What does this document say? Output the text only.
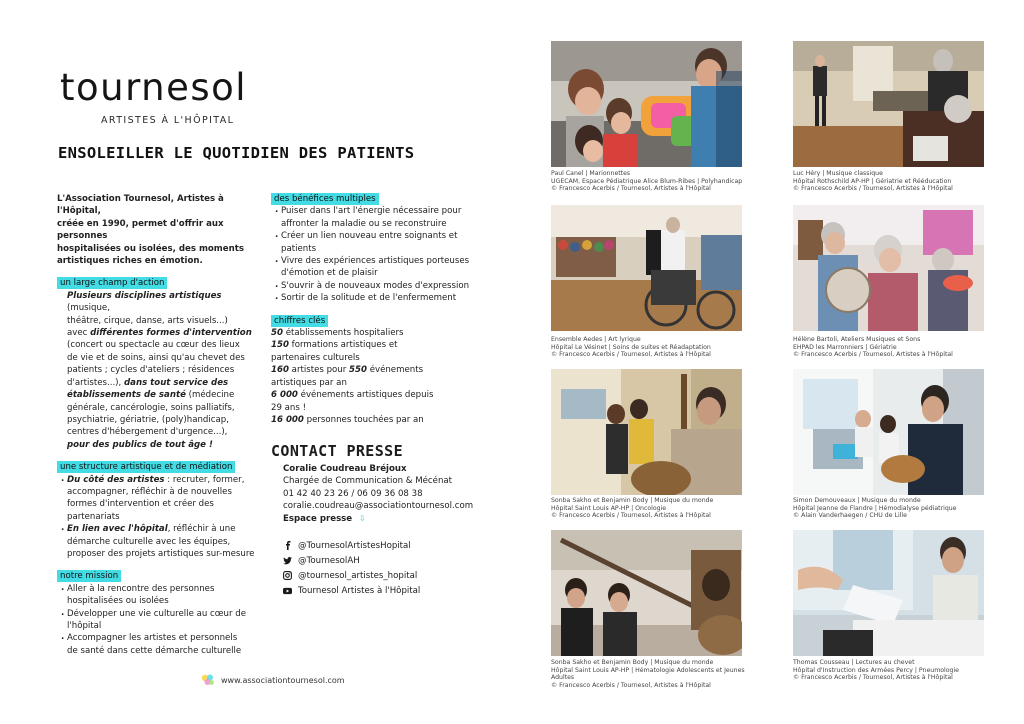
tournesol
ARTISTES À L'HÔPITAL
ENSOLEILLER LE QUOTIDIEN DES PATIENTS
L'Association Tournesol, Artistes à l'Hôpital,
créée en 1990, permet d'offrir aux personnes
hospitalisées ou isolées, des moments
artistiques riches en émotion.
un large champ d'action
Plusieurs disciplines artistiques (musique,
théâtre, cirque, danse, arts visuels...)
avec différentes formes d'intervention
(concert ou spectacle au cœur des lieux
de vie et de soins, ainsi qu'au chevet des
patients ; cycles d'ateliers ; résidences
d'artistes...), dans tout service des
établissements de santé (médecine
générale, cancérologie, soins palliatifs,
psychiatrie, gériatrie, (poly)handicap,
centres d'hébergement d'urgence...),
pour des publics de tout âge !
une structure artistique et de médiation
. Du côté des artistes : recruter, former,
accompagner, réfléchir à de nouvelles
formes d'intervention et créer des
partenariats
. En lien avec l'hôpital, réfléchir à une
démarche culturelle avec les équipes,
proposer des projets artistiques sur-mesure
notre mission
. Aller à la rencontre des personnes
hospitalisées ou isolées
. Développer une vie culturelle au cœur de
l'hôpital
. Accompagner les artistes et personnels
de santé dans cette démarche culturelle
des bénéfices multiples
. Puiser dans l'art l'énergie nécessaire pour
affronter la maladie ou se reconstruire
. Créer un lien nouveau entre soignants et
patients
. Vivre des expériences artistiques porteuses
d'émotion et de plaisir
. S'ouvrir à de nouveaux modes d'expression
. Sortir de la solitude et de l'enfermement
chiffres clés
50 établissements hospitaliers
150 formations artistiques et
partenaires culturels
160 artistes pour 550 événements
artistiques par an
6 000 événements artistiques depuis
29 ans !
16 000 personnes touchées par an
CONTACT PRESSE
Coralie Coudreau Bréjoux
Chargée de Communication & Mécénat
01 42 40 23 26 / 06 09 36 08 38
coralie.coudreau@associationtournesol.com
Espace presse ⇩
@TournesolArtistesHopital
@TournesolAH
@tournesol_artistes_hopital
Tournesol Artistes à l'Hôpital
www.associationtournesol.com
Paul Canel | Marionnettes
UGECAM, Espace Pédiatrique Alice Blum-Ribes | Polyhandicap
© Francesco Acerbis / Tournesol, Artistes à l'Hôpital
Luc Héry | Musique classique
Hôpital Rothschild AP-HP | Gériatrie et Rééducation
© Francesco Acerbis / Tournesol, Artistes à l'Hôpital
Ensemble Aedes | Art lyrique
Hôpital Le Vésinet | Soins de suites et Réadaptation
© Francesco Acerbis / Tournesol, Artistes à l'Hôpital
Hélène Bartoli, Ateliers Musiques et Sons
EHPAD les Marronniers | Gériatrie
© Francesco Acerbis / Tournesol, Artistes à l'Hôpital
Sonba Sakho et Benjamin Body | Musique du monde
Hôpital Saint Louis AP-HP | Oncologie
© Francesco Acerbis / Tournesol, Artistes à l'Hôpital
Simon Demouveaux | Musique du monde
Hôpital Jeanne de Flandre | Hémodialyse pédiatrique
© Alain Vanderhaegen / CHU de Lille
Sonba Sakho et Benjamin Body | Musique du monde
Hôpital Saint Louis AP-HP | Hématologie Adolescents et Jeunes
Adultes
© Francesco Acerbis / Tournesol, Artistes à l'Hôpital
Thomas Cousseau | Lectures au chevet
Hôpital d'Instruction des Armées Percy | Pneumologie
© Francesco Acerbis / Tournesol, Artistes à l'Hôpital
